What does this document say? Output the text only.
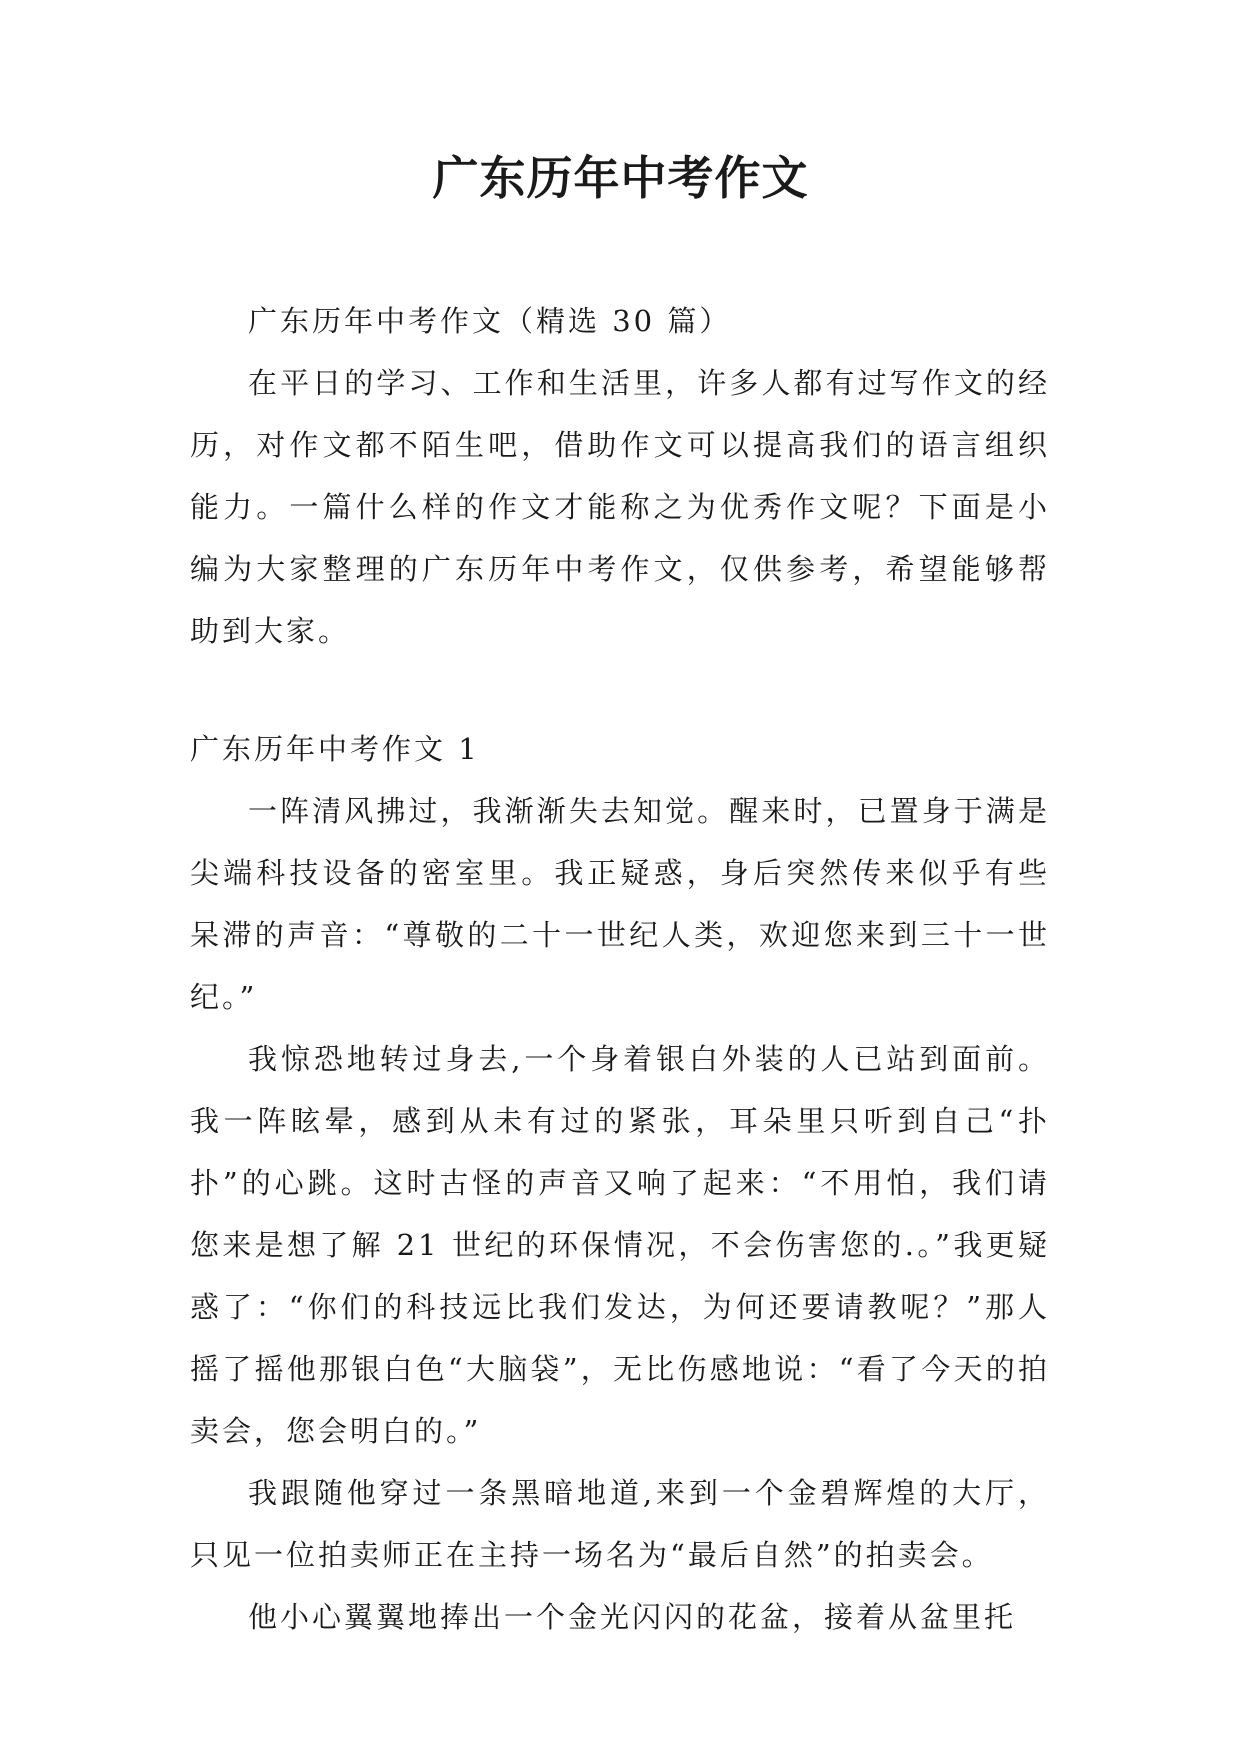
广东历年中考作文

广东历年中考作文（精选 30 篇）

在平日的学习、工作和生活里，许多人都有过写作文的经历，对作文都不陌生吧，借助作文可以提高我们的语言组织能力。一篇什么样的作文才能称之为优秀作文呢？下面是小编为大家整理的广东历年中考作文，仅供参考，希望能够帮助到大家。

广东历年中考作文 1

一阵清风拂过，我渐渐失去知觉。醒来时，已置身于满是尖端科技设备的密室里。我正疑惑，身后突然传来似乎有些呆滞的声音：“尊敬的二十一世纪人类，欢迎您来到三十一世纪。”

我惊恐地转过身去,一个身着银白外装的人已站到面前。我一阵眩晕，感到从未有过的紧张，耳朵里只听到自己“扑扑”的心跳。这时古怪的声音又响了起来：“不用怕，我们请您来是想了解 21 世纪的环保情况，不会伤害您的.。”我更疑惑了：“你们的科技远比我们发达，为何还要请教呢？”那人摇了摇他那银白色“大脑袋”，无比伤感地说：“看了今天的拍卖会，您会明白的。”

我跟随他穿过一条黑暗地道,来到一个金碧辉煌的大厅，只见一位拍卖师正在主持一场名为“最后自然”的拍卖会。

他小心翼翼地捧出一个金光闪闪的花盆，接着从盆里托
